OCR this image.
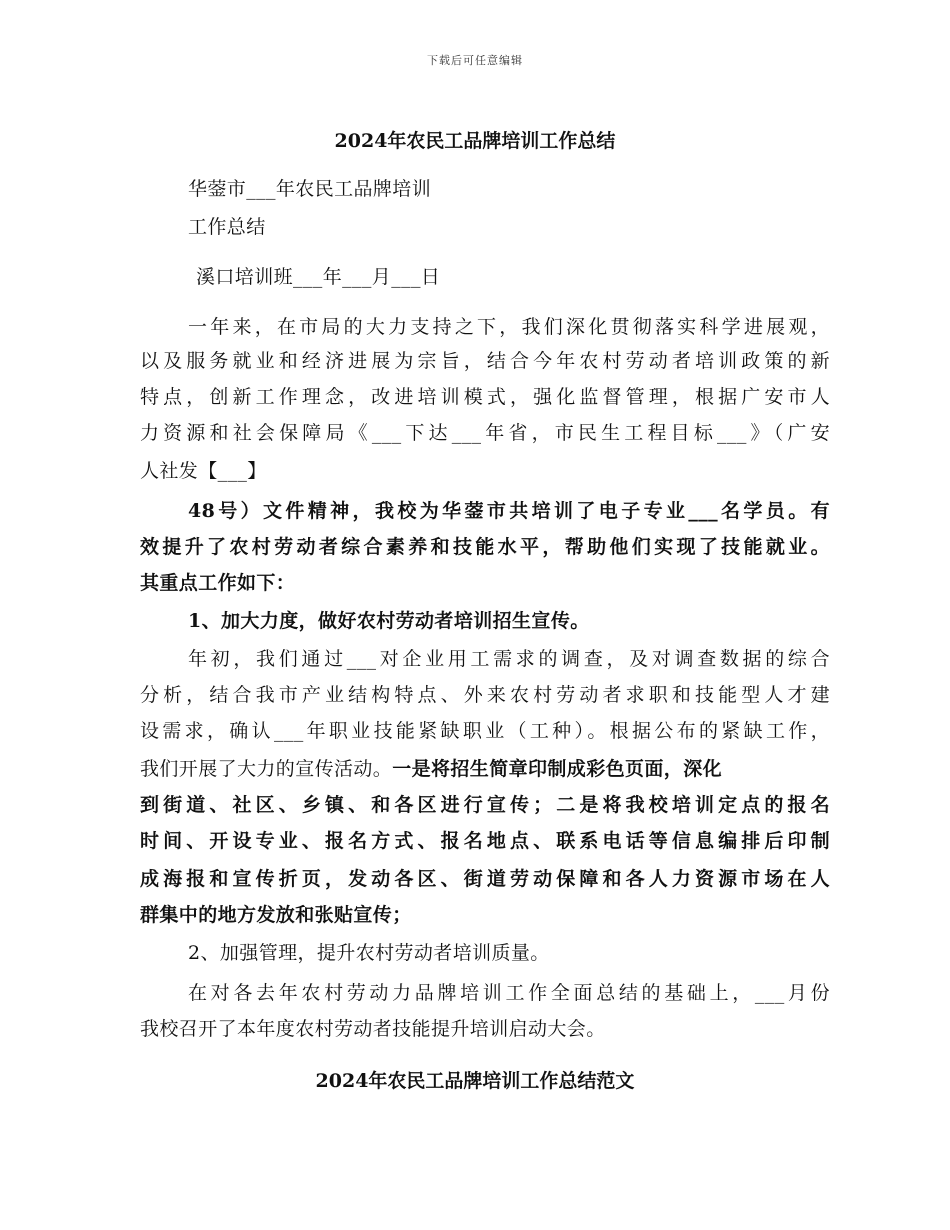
下载后可任意编辑
2024年农民工品牌培训工作总结
华蓥市___年农民工品牌培训
工作总结
溪口培训班___年___月___日
一年来，在市局的大力支持之下，我们深化贯彻落实科学进展观，
以及服务就业和经济进展为宗旨，结合今年农村劳动者培训政策的新
特点，创新工作理念，改进培训模式，强化监督管理，根据广安市人
力资源和社会保障局《___下达___年省，市民生工程目标___》（广安
人社发【___】
48号）文件精神，我校为华蓥市共培训了电子专业___名学员。有
效提升了农村劳动者综合素养和技能水平，帮助他们实现了技能就业。
其重点工作如下：
1、加大力度，做好农村劳动者培训招生宣传。
年初，我们通过___对企业用工需求的调查，及对调查数据的综合
分析，结合我市产业结构特点、外来农村劳动者求职和技能型人才建
设需求，确认___年职业技能紧缺职业（工种）。根据公布的紧缺工作，
我们开展了大力的宣传活动。一是将招生简章印制成彩色页面，深化
到街道、社区、乡镇、和各区进行宣传；二是将我校培训定点的报名
时间、开设专业、报名方式、报名地点、联系电话等信息编排后印制
成海报和宣传折页，发动各区、街道劳动保障和各人力资源市场在人
群集中的地方发放和张贴宣传；
2、加强管理，提升农村劳动者培训质量。
在对各去年农村劳动力品牌培训工作全面总结的基础上，___月份
我校召开了本年度农村劳动者技能提升培训启动大会。
2024年农民工品牌培训工作总结范文
